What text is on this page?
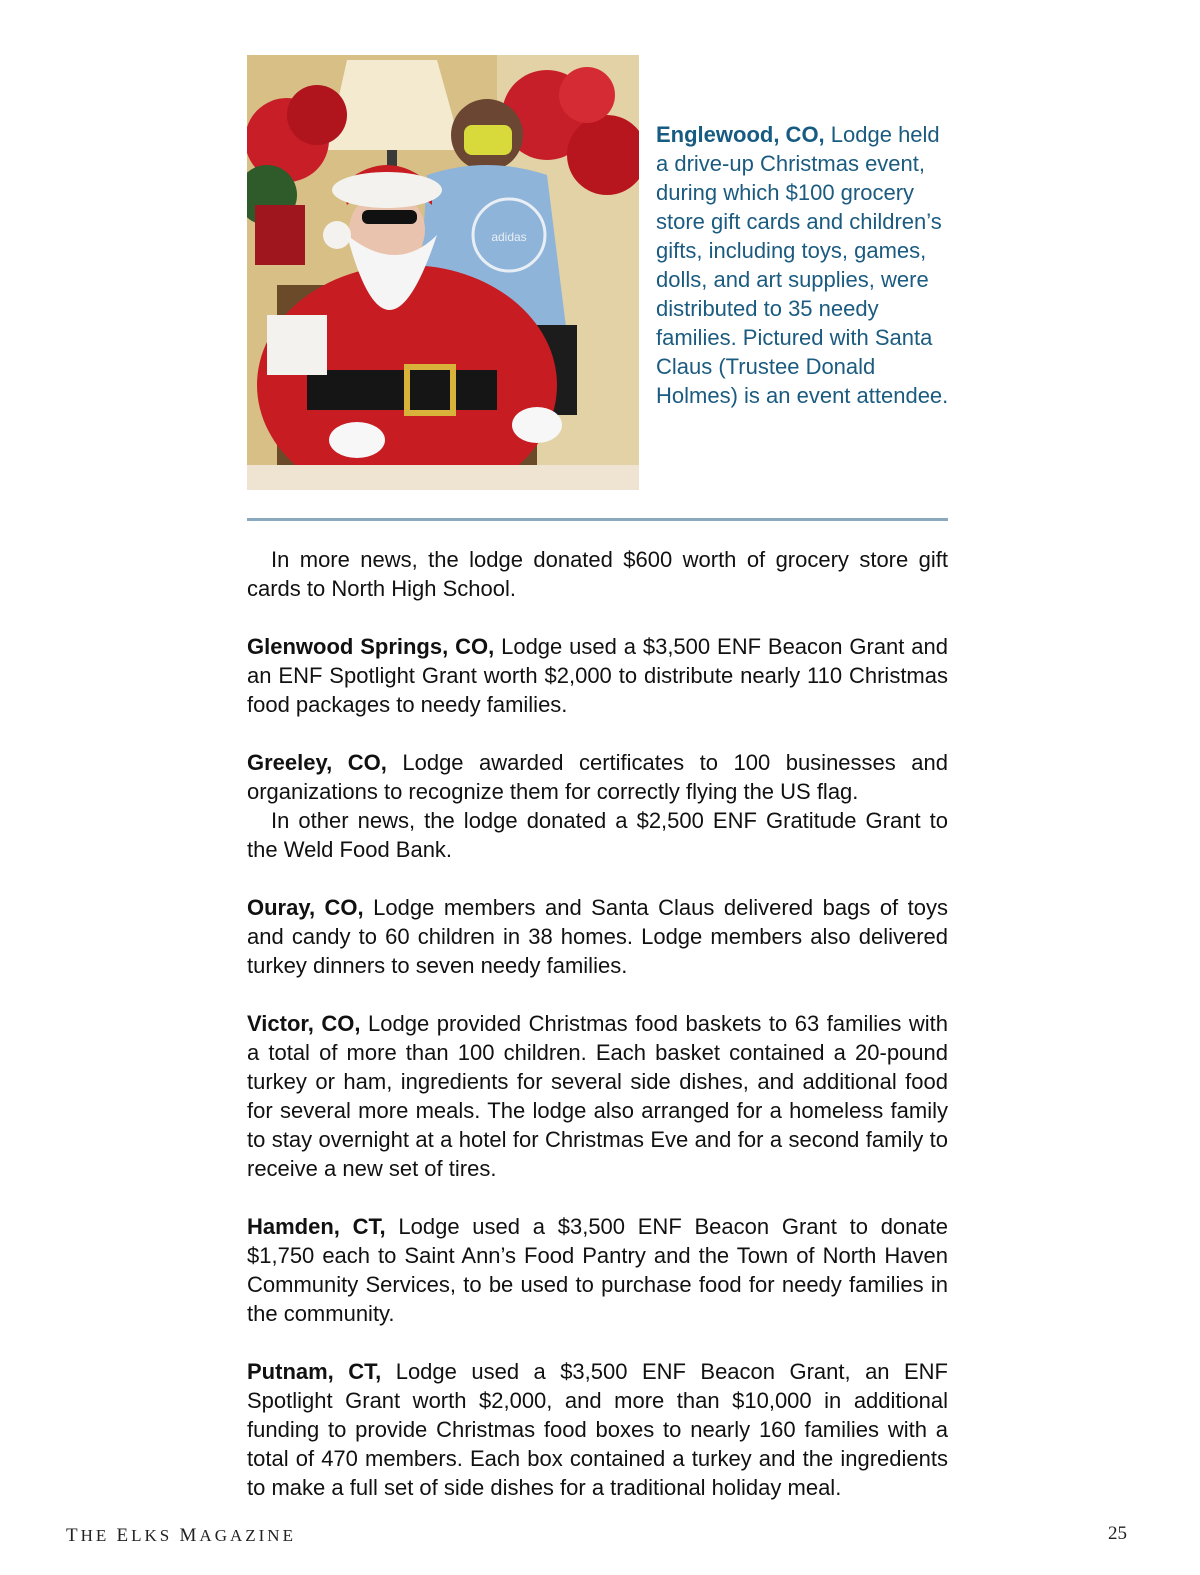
adidas
Englewood, CO, Lodge held a drive-up Christmas event, during which $100 grocery store gift cards and children’s gifts, including toys, games, dolls, and art supplies, were distributed to 35 needy families. Pictured with Santa Claus (Trustee Donald Holmes) is an event attendee.

In more news, the lodge donated $600 worth of grocery store gift cards to North High School.

Glenwood Springs, CO, Lodge used a $3,500 ENF Beacon Grant and an ENF Spotlight Grant worth $2,000 to distribute nearly 110 Christmas food packages to needy families.

Greeley, CO, Lodge awarded certificates to 100 businesses and organizations to recognize them for correctly flying the US flag.

In other news, the lodge donated a $2,500 ENF Gratitude Grant to the Weld Food Bank.

Ouray, CO, Lodge members and Santa Claus delivered bags of toys and candy to 60 children in 38 homes. Lodge members also delivered turkey dinners to seven needy families.

Victor, CO, Lodge provided Christmas food baskets to 63 families with a total of more than 100 children. Each basket contained a 20-pound turkey or ham, ingredients for several side dishes, and additional food for several more meals. The lodge also arranged for a homeless family to stay overnight at a hotel for Christmas Eve and for a second family to receive a new set of tires.

Hamden, CT, Lodge used a $3,500 ENF Beacon Grant to donate $1,750 each to Saint Ann’s Food Pantry and the Town of North Haven Community Services, to be used to purchase food for needy families in the community.

Putnam, CT, Lodge used a $3,500 ENF Beacon Grant, an ENF Spotlight Grant worth $2,000, and more than $10,000 in additional funding to provide Christmas food boxes to nearly 160 families with a total of 470 members. Each box contained a turkey and the ingredients to make a full set of side dishes for a traditional holiday meal.

THE ELKS MAGAZINE	25
